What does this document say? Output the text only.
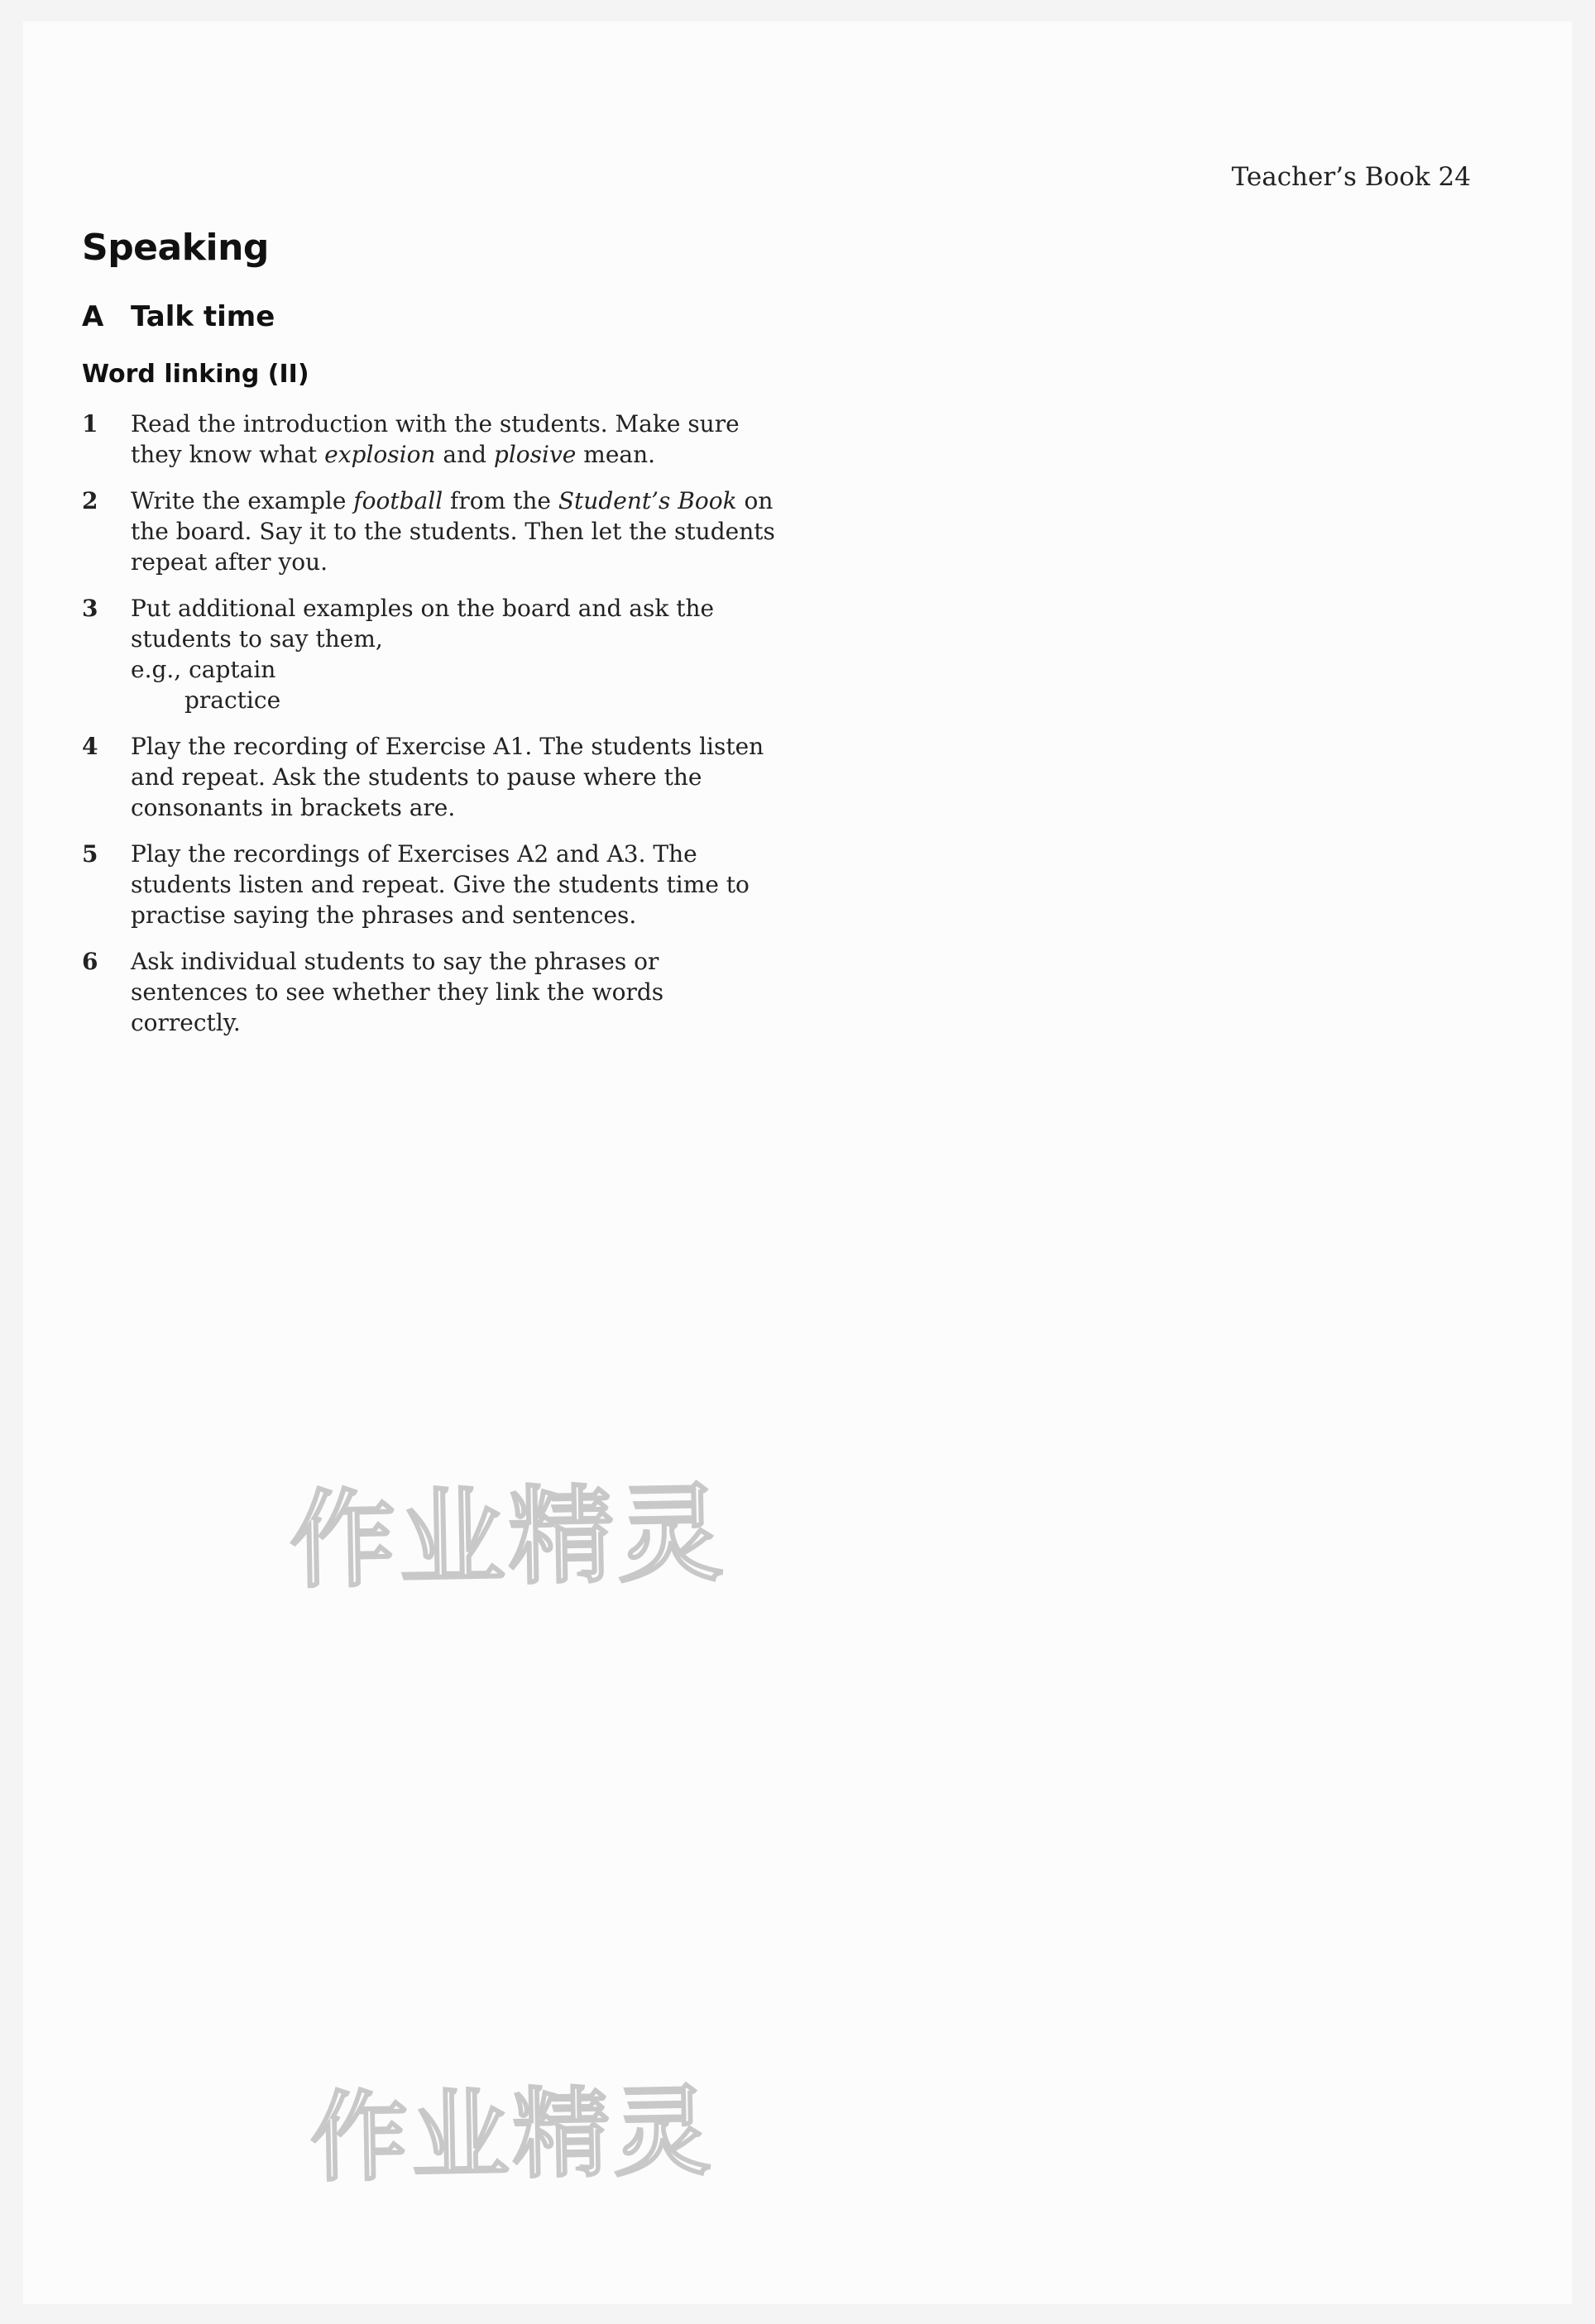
Teacher’s Book 24
Speaking
A Talk time
Word linking (II)
1	Read the introduction with the students. Make sure they know what explosion and plosive mean.
2	Write the example football from the Student’s Book on the board. Say it to the students. Then let the students repeat after you.
3	Put additional examples on the board and ask the students to say them,
e.g., captain
practice
4	Play the recording of Exercise A1. The students listen and repeat. Ask the students to pause where the consonants in brackets are.
5	Play the recordings of Exercises A2 and A3. The students listen and repeat. Give the students time to practise saying the phrases and sentences.
6	Ask individual students to say the phrases or sentences to see whether they link the words correctly.
作业精灵
作业精灵
